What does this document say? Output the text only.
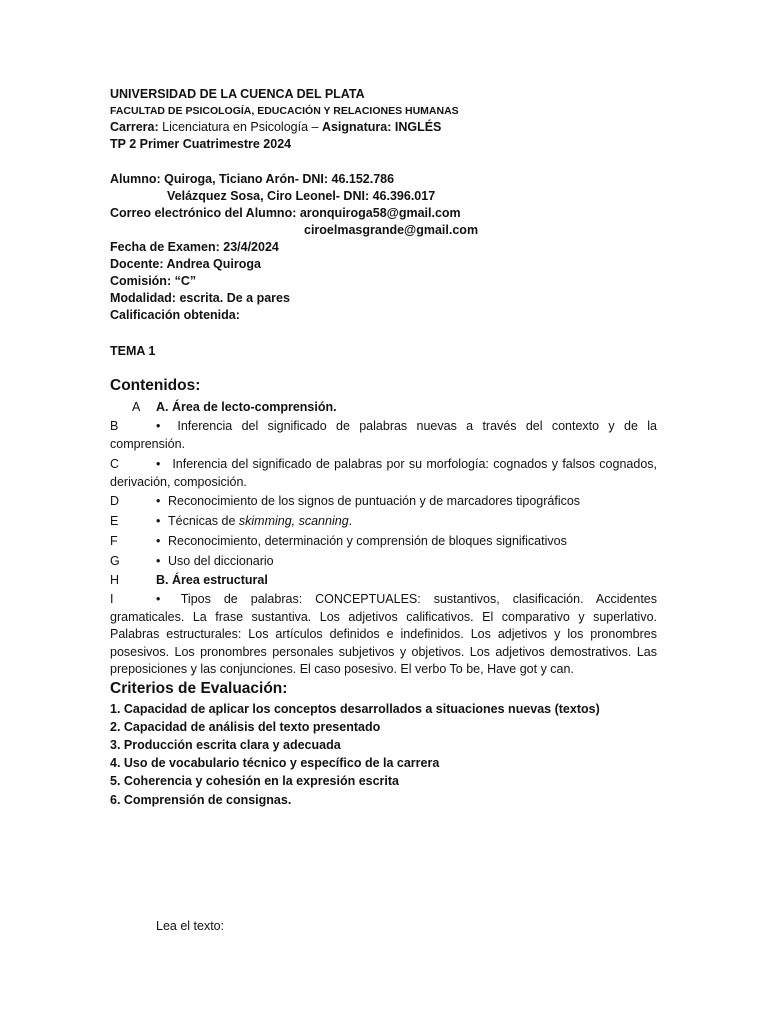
UNIVERSIDAD DE LA CUENCA DEL PLATA
FACULTAD DE PSICOLOGÍA, EDUCACIÓN Y RELACIONES HUMANAS
Carrera: Licenciatura en Psicología – Asignatura: INGLÉS
TP 2 Primer Cuatrimestre 2024
Alumno: Quiroga, Ticiano Arón- DNI: 46.152.786
Velázquez Sosa, Ciro Leonel- DNI: 46.396.017
Correo electrónico del Alumno: aronquiroga58@gmail.com
ciroelmasgrande@gmail.com
Fecha de Examen: 23/4/2024
Docente: Andrea Quiroga
Comisión: “C”
Modalidad: escrita. De a pares
Calificación obtenida:
TEMA 1
Contenidos:
A A. Área de lecto-comprensión.
B	• Inferencia del significado de palabras nuevas a través del contexto y de la comprensión.
C	• Inferencia del significado de palabras por su morfología: cognados y falsos cognados, derivación, composición.
D	• Reconocimiento de los signos de puntuación y de marcadores tipográficos
E	• Técnicas de skimming, scanning.
F	• Reconocimiento, determinación y comprensión de bloques significativos
G	• Uso del diccionario
H	B. Área estructural
I	• Tipos de palabras: CONCEPTUALES: sustantivos, clasificación. Accidentes gramaticales. La frase sustantiva. Los adjetivos calificativos. El comparativo y superlativo. Palabras estructurales: Los artículos definidos e indefinidos. Los adjetivos y los pronombres posesivos. Los pronombres personales subjetivos y objetivos. Los adjetivos demostrativos. Las preposiciones y las conjunciones. El caso posesivo. El verbo To be, Have got y can.
Criterios de Evaluación:
1. Capacidad de aplicar los conceptos desarrollados a situaciones nuevas (textos)
2. Capacidad de análisis del texto presentado
3. Producción escrita clara y adecuada
4. Uso de vocabulario técnico y específico de la carrera
5. Coherencia y cohesión en la expresión escrita
6. Comprensión de consignas.
Lea el texto:
